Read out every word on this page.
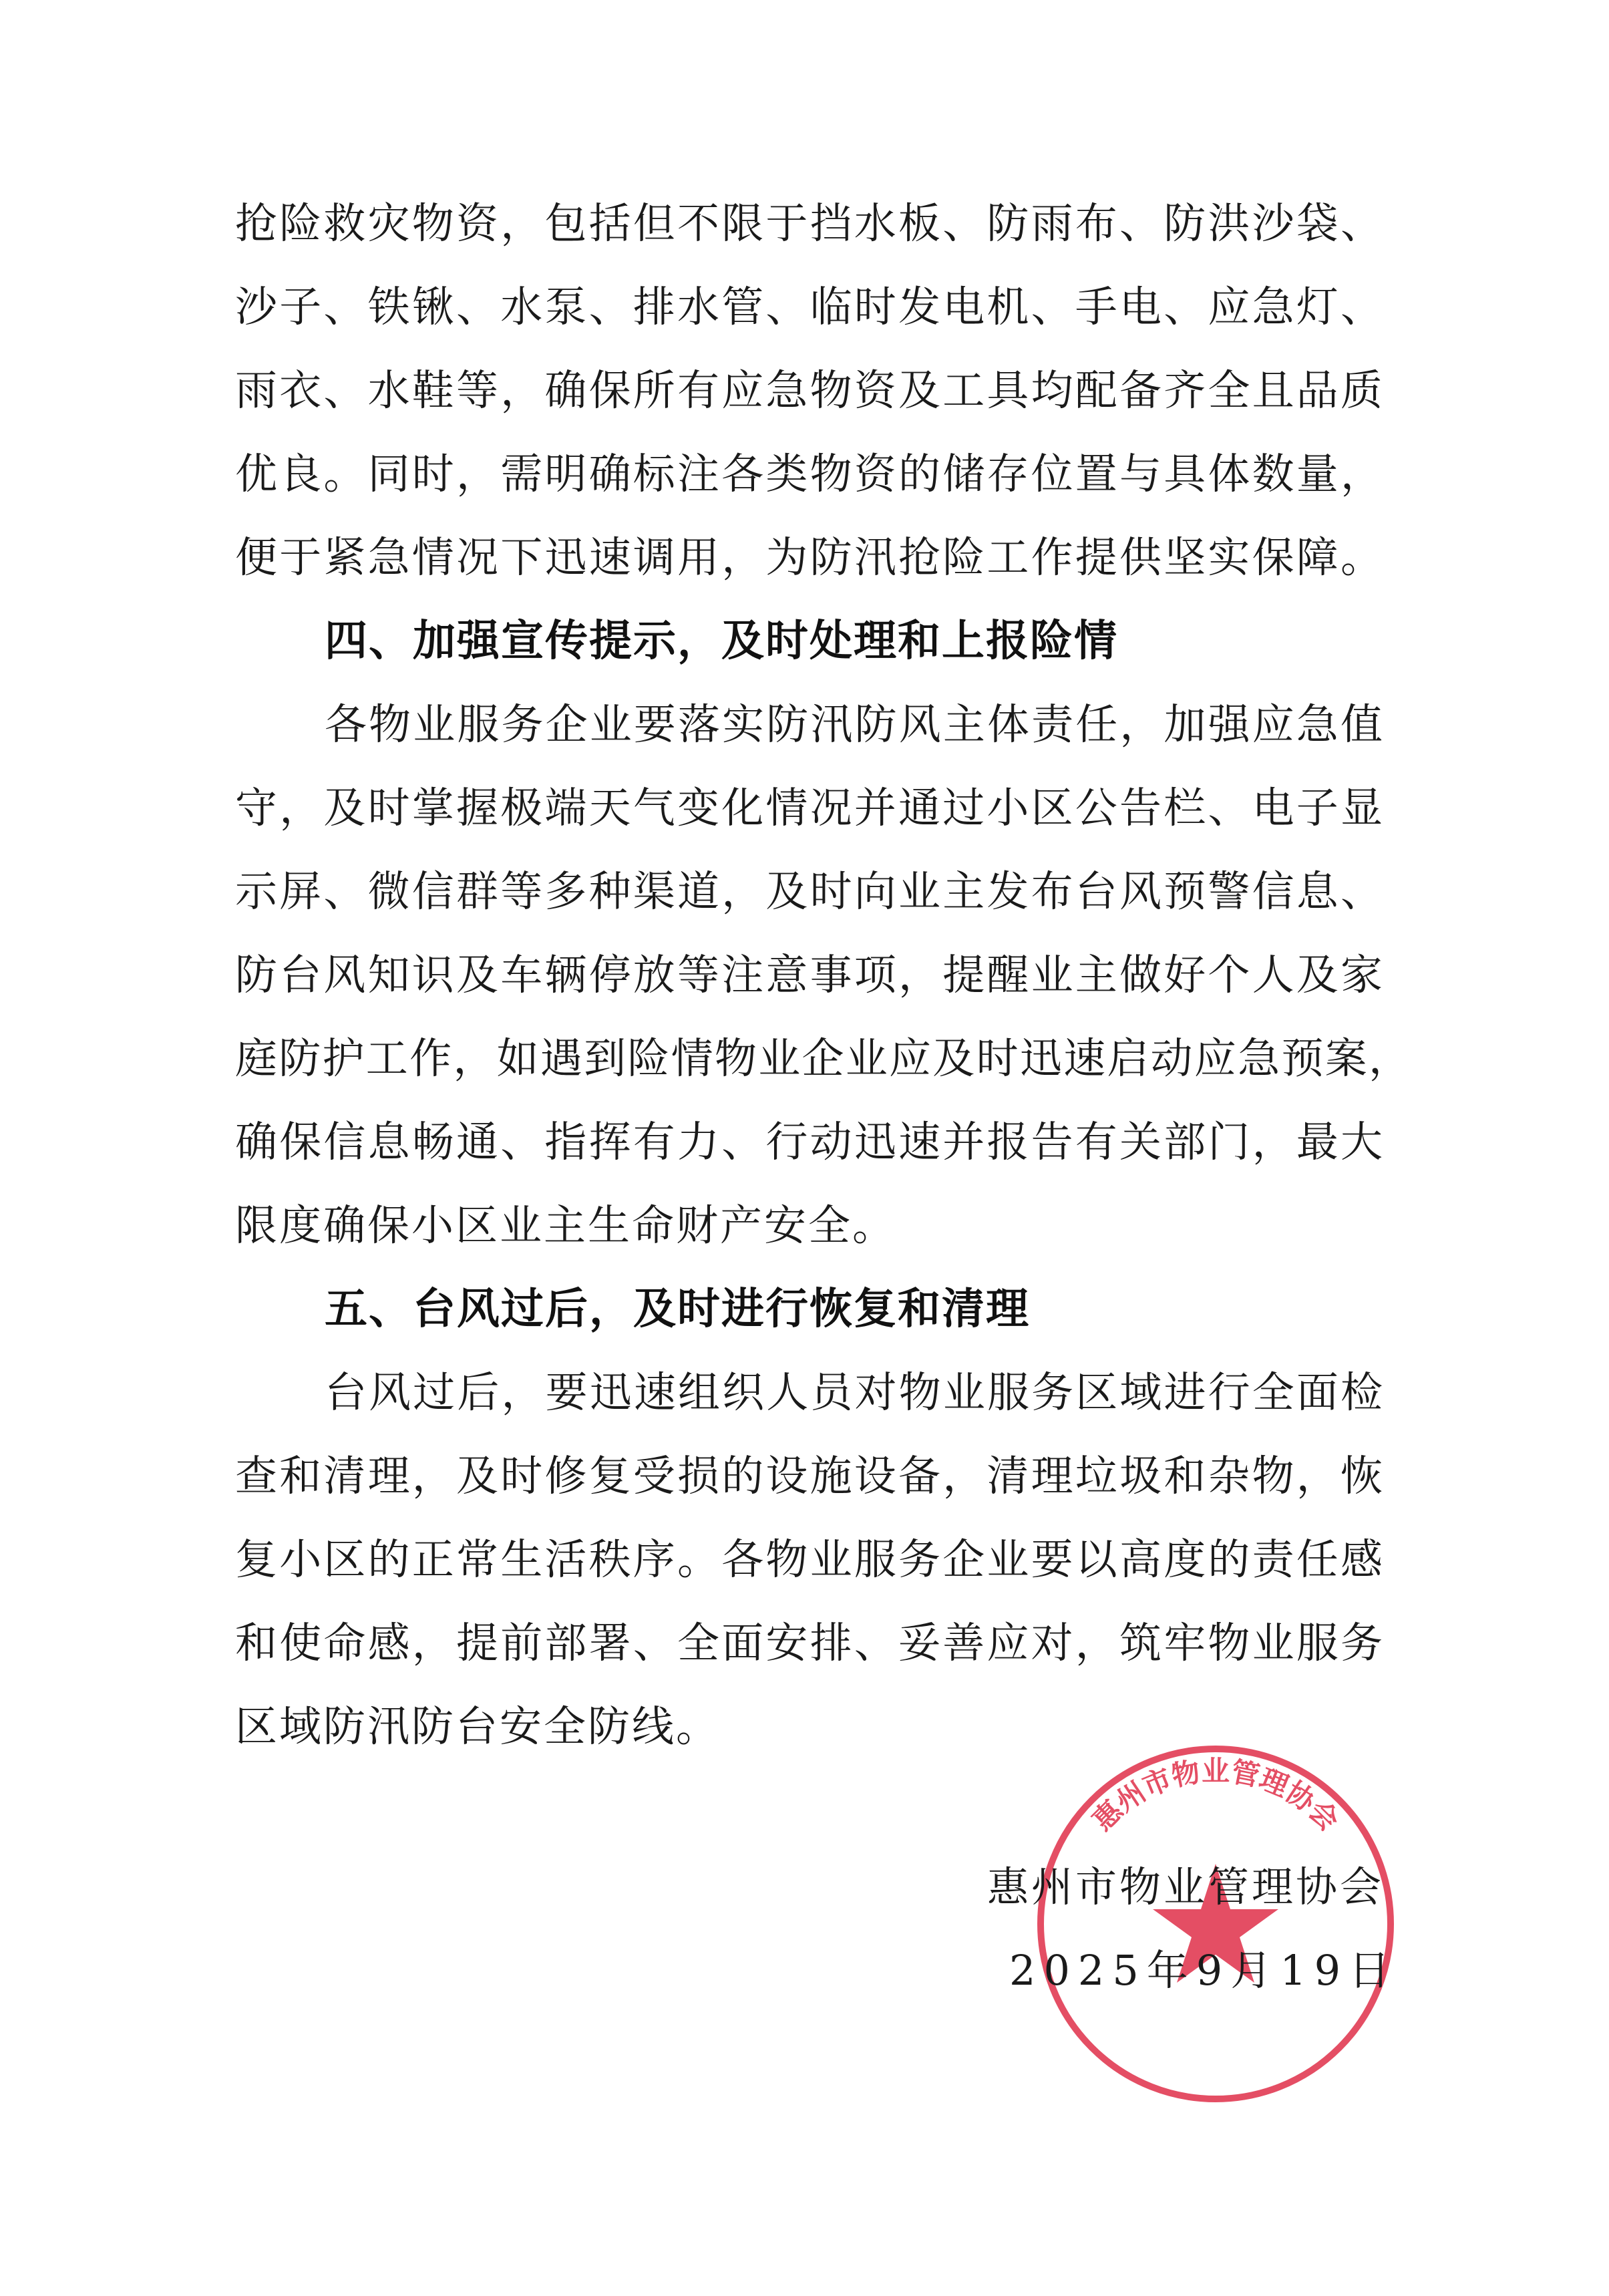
抢险救灾物资，包括但不限于挡水板、防雨布、防洪沙袋、
沙子、铁锹、水泵、排水管、临时发电机、手电、应急灯、
雨衣、水鞋等，确保所有应急物资及工具均配备齐全且品质
优良。同时，需明确标注各类物资的储存位置与具体数量，
便于紧急情况下迅速调用，为防汛抢险工作提供坚实保障。
四、加强宣传提示，及时处理和上报险情
各物业服务企业要落实防汛防风主体责任，加强应急值
守，及时掌握极端天气变化情况并通过小区公告栏、电子显
示屏、微信群等多种渠道，及时向业主发布台风预警信息、
防台风知识及车辆停放等注意事项，提醒业主做好个人及家
庭防护工作，如遇到险情物业企业应及时迅速启动应急预案，
确保信息畅通、指挥有力、行动迅速并报告有关部门，最大
限度确保小区业主生命财产安全。
五、台风过后，及时进行恢复和清理
台风过后，要迅速组织人员对物业服务区域进行全面检
查和清理，及时修复受损的设施设备，清理垃圾和杂物，恢
复小区的正常生活秩序。各物业服务企业要以高度的责任感
和使命感，提前部署、全面安排、妥善应对，筑牢物业服务
区域防汛防台安全防线。
惠州市物业管理协会
惠州市物业管理协会
2025年9月19日
